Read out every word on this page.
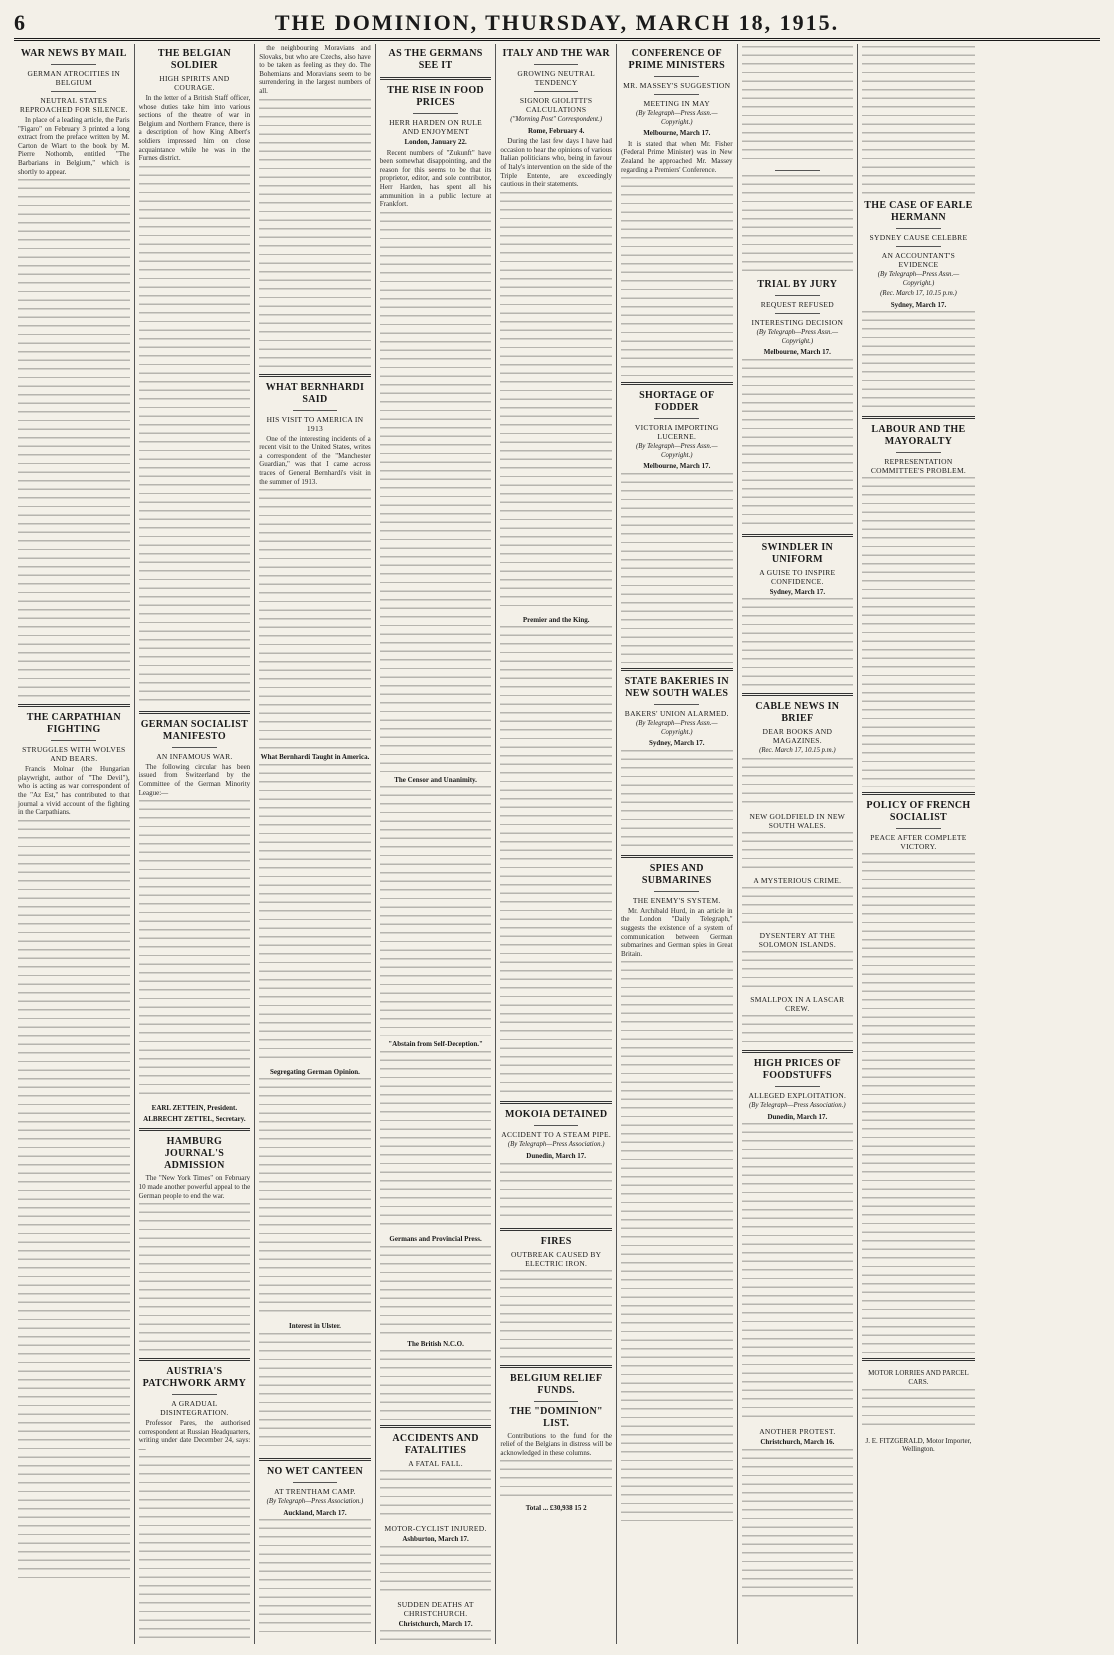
6	THE DOMINION, THURSDAY, MARCH 18, 1915.
WAR NEWS BY MAIL
GERMAN ATROCITIES IN BELGIUM
NEUTRAL STATES REPROACHED FOR SILENCE.
In place of a leading article, the Paris "Figaro" on February 3 printed a long extract from the preface written by M. Carton de Wiart to the book by M. Pierre Nothomb, entitled "The Barbarians in Belgium," which is shortly to appear.
THE CARPATHIAN FIGHTING
STRUGGLES WITH WOLVES AND BEARS.
Francis Molnar (the Hungarian playwright, author of "The Devil"), who is acting as war correspondent of the "Az Est," has contributed to that journal a vivid account of the fighting in the Carpathians.
THE BELGIAN SOLDIER
HIGH SPIRITS AND COURAGE.
In the letter of a British Staff officer, whose duties take him into various sections of the theatre of war in Belgium and Northern France, there is a description of how King Albert's soldiers impressed him on close acquaintance while he was in the Furnes district.
GERMAN SOCIALIST MANIFESTO
AN INFAMOUS WAR.
The following circular has been issued from Switzerland by the Committee of the German Minority League:—
EARL ZETTEIN, President.
ALBRECHT ZETTEL, Secretary.
HAMBURG JOURNAL'S ADMISSION
The "New York Times" on February 10 made another powerful appeal to the German people to end the war.
AUSTRIA'S PATCHWORK ARMY
A GRADUAL DISINTEGRATION.
Professor Pares, the authorised correspondent at Russian Headquarters, writing under date December 24, says:—
the neighbouring Moravians and Slovaks, but who are Czechs, also have to be taken as feeling as they do. The Bohemians and Moravians seem to be surrendering in the largest numbers of all.
WHAT BERNHARDI SAID
HIS VISIT TO AMERICA IN 1913
One of the interesting incidents of a recent visit to the United States, writes a correspondent of the "Manchester Guardian," was that I came across traces of General Bernhardi's visit in the summer of 1913.
What Bernhardi Taught in America.
Segregating German Opinion.
Interest in Ulster.
NO WET CANTEEN
AT TRENTHAM CAMP.
(By Telegraph—Press Association.)
Auckland, March 17.
AS THE GERMANS SEE IT
THE RISE IN FOOD PRICES
HERR HARDEN ON RULE AND ENJOYMENT
London, January 22.
Recent numbers of "Zukunft" have been somewhat disappointing, and the reason for this seems to be that its proprietor, editor, and sole contributor, Herr Harden, has spent all his ammunition in a public lecture at Frankfort.
The Censor and Unanimity.
"Abstain from Self-Deception."
Germans and Provincial Press.
The British N.C.O.
ACCIDENTS AND FATALITIES
A FATAL FALL.
MOTOR-CYCLIST INJURED.
Ashburton, March 17.
SUDDEN DEATHS AT CHRISTCHURCH.
Christchurch, March 17.
ITALY AND THE WAR
GROWING NEUTRAL TENDENCY
SIGNOR GIOLITTI'S CALCULATIONS
("Morning Post" Correspondent.)
Rome, February 4.
During the last few days I have had occasion to hear the opinions of various Italian politicians who, being in favour of Italy's intervention on the side of the Triple Entente, are exceedingly cautious in their statements.
Premier and the King.
MOKOIA DETAINED
ACCIDENT TO A STEAM PIPE.
(By Telegraph—Press Association.)
Dunedin, March 17.
FIRES
OUTBREAK CAUSED BY ELECTRIC IRON.
BELGIUM RELIEF FUNDS.
THE "DOMINION" LIST.
Contributions to the fund for the relief of the Belgians in distress will be acknowledged in these columns.
Total ... £30,938 15 2
CONFERENCE OF PRIME MINISTERS
MR. MASSEY'S SUGGESTION
MEETING IN MAY
(By Telegraph—Press Assn.—Copyright.)
Melbourne, March 17.
It is stated that when Mr. Fisher (Federal Prime Minister) was in New Zealand he approached Mr. Massey regarding a Premiers' Conference.
SHORTAGE OF FODDER
VICTORIA IMPORTING LUCERNE.
(By Telegraph—Press Assn.—Copyright.)
Melbourne, March 17.
STATE BAKERIES IN NEW SOUTH WALES
BAKERS' UNION ALARMED.
(By Telegraph—Press Assn.—Copyright.)
Sydney, March 17.
SPIES AND SUBMARINES
THE ENEMY'S SYSTEM.
Mr. Archibald Hurd, in an article in the London "Daily Telegraph," suggests the existence of a system of communication between German submarines and German spies in Great Britain.
TRIAL BY JURY
REQUEST REFUSED
INTERESTING DECISION
(By Telegraph—Press Assn.—Copyright.)
Melbourne, March 17.
SWINDLER IN UNIFORM
A GUISE TO INSPIRE CONFIDENCE.
Sydney, March 17.
CABLE NEWS IN BRIEF
DEAR BOOKS AND MAGAZINES.
(Rec. March 17, 10.15 p.m.)
NEW GOLDFIELD IN NEW SOUTH WALES.
A MYSTERIOUS CRIME.
DYSENTERY AT THE SOLOMON ISLANDS.
SMALLPOX IN A LASCAR CREW.
HIGH PRICES OF FOODSTUFFS
ALLEGED EXPLOITATION.
(By Telegraph—Press Association.)
Dunedin, March 17.
ANOTHER PROTEST.
Christchurch, March 16.
THE CASE OF EARLE HERMANN
SYDNEY CAUSE CELEBRE
AN ACCOUNTANT'S EVIDENCE
(By Telegraph—Press Assn.—Copyright.)
(Rec. March 17, 10.15 p.m.)
Sydney, March 17.
LABOUR AND THE MAYORALTY
REPRESENTATION COMMITTEE'S PROBLEM.
POLICY OF FRENCH SOCIALIST
PEACE AFTER COMPLETE VICTORY.
MOTOR LORRIES AND PARCEL CARS.
J. E. FITZGERALD, Motor Importer, Wellington.
